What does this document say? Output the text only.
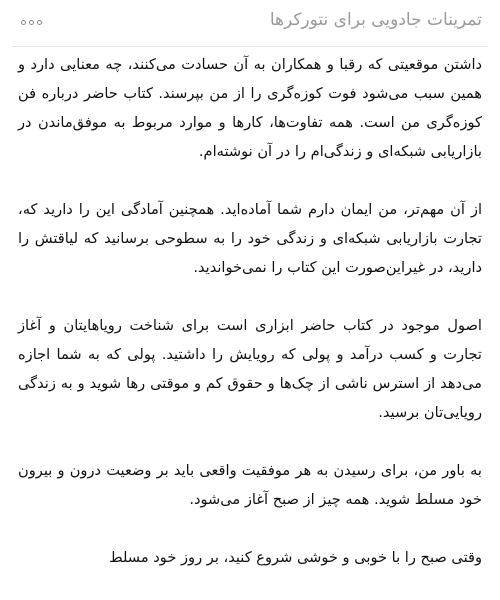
تمرینات جادویی برای نتورکرها

داشتن موقعیتی که رقبا و همکاران به آن حسادت می‌کنند، چه معنایی دارد و همین سبب می‌شود فوت کوزه‌گری را از من بپرسند. کتاب حاضر درباره فن کوزه‌گری من است. همه تفاوت‌ها، کارها و موارد مربوط به موفق‌ماندن در بازاریابی شبکه‌ای و زندگی‌ام را در آن نوشته‌ام.

از آن مهم‌تر، من ایمان دارم شما آماده‌اید. همچنین آمادگی این را دارید که، تجارت بازاریابی شبکه‌ای و زندگی خود را به سطوحی برسانید که لیاقتش را دارید، در غیراین‌صورت این کتاب را نمی‌خواندید.

اصول موجود در کتاب حاضر ابزاری است برای شناخت رویاهایتان و آغاز تجارت و کسب درآمد و پولی که رویایش را داشتید. پولی که به شما اجازه می‌دهد از استرس ناشی از چک‌ها و حقوق کم و موقتی رها شوید و به زندگی رویایی‌تان برسید.

به باور من، برای رسیدن به هر موفقیت واقعی باید بر وضعیت درون و بیرون خود مسلط شوید. همه چیز از صبح آغاز می‌شود.

وقتی صبح را با خوبی و خوشی شروع کنید، بر روز خود مسلط
